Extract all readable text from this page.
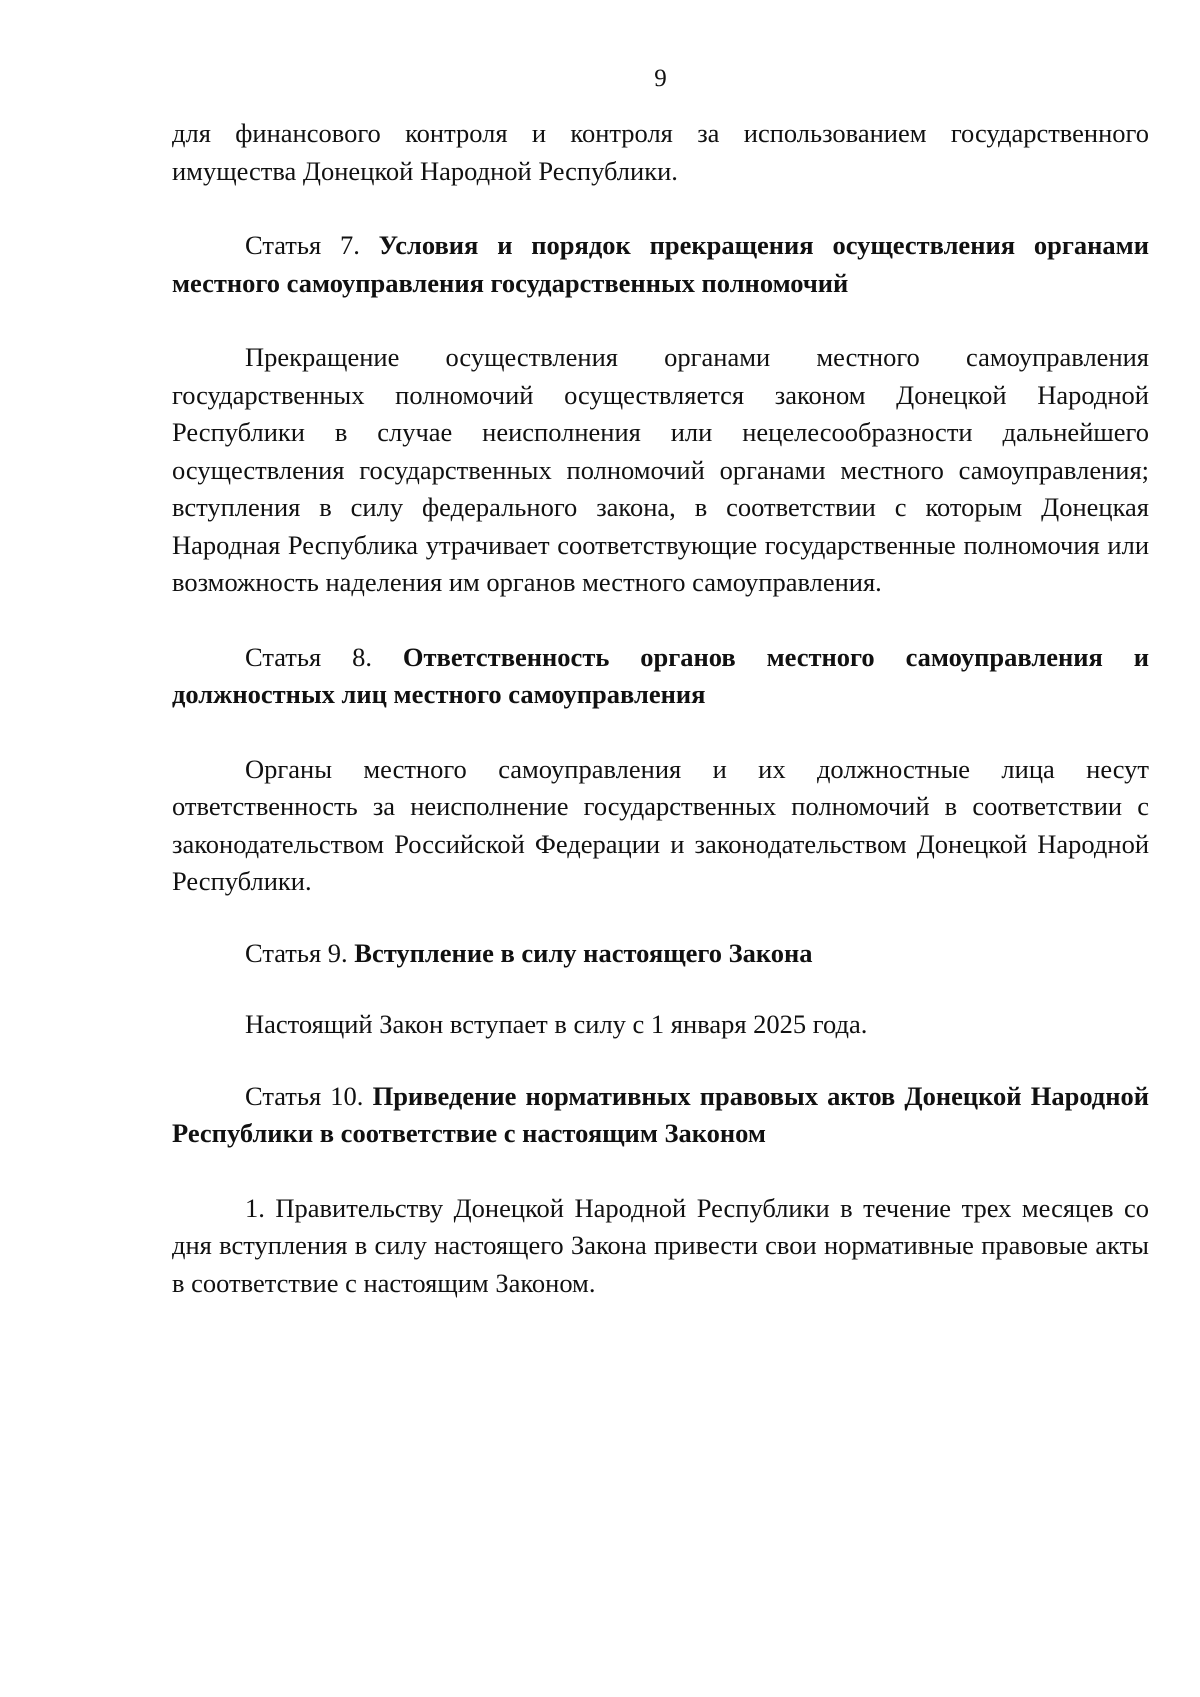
9

для финансового контроля и контроля за использованием государственного имущества Донецкой Народной Республики.

Статья 7. Условия и порядок прекращения осуществления органами местного самоуправления государственных полномочий

Прекращение осуществления органами местного самоуправления государственных полномочий осуществляется законом Донецкой Народной Республики в случае неисполнения или нецелесообразности дальнейшего осуществления государственных полномочий органами местного самоуправления; вступления в силу федерального закона, в соответствии с которым Донецкая Народная Республика утрачивает соответствующие государственные полномочия или возможность наделения им органов местного самоуправления.

Статья 8. Ответственность органов местного самоуправления и должностных лиц местного самоуправления

Органы местного самоуправления и их должностные лица несут ответственность за неисполнение государственных полномочий в соответствии с законодательством Российской Федерации и законодательством Донецкой Народной Республики.

Статья 9. Вступление в силу настоящего Закона

Настоящий Закон вступает в силу с 1 января 2025 года.

Статья 10. Приведение нормативных правовых актов Донецкой Народной Республики в соответствие с настоящим Законом

1. Правительству Донецкой Народной Республики в течение трех месяцев со дня вступления в силу настоящего Закона привести свои нормативные правовые акты в соответствие с настоящим Законом.
